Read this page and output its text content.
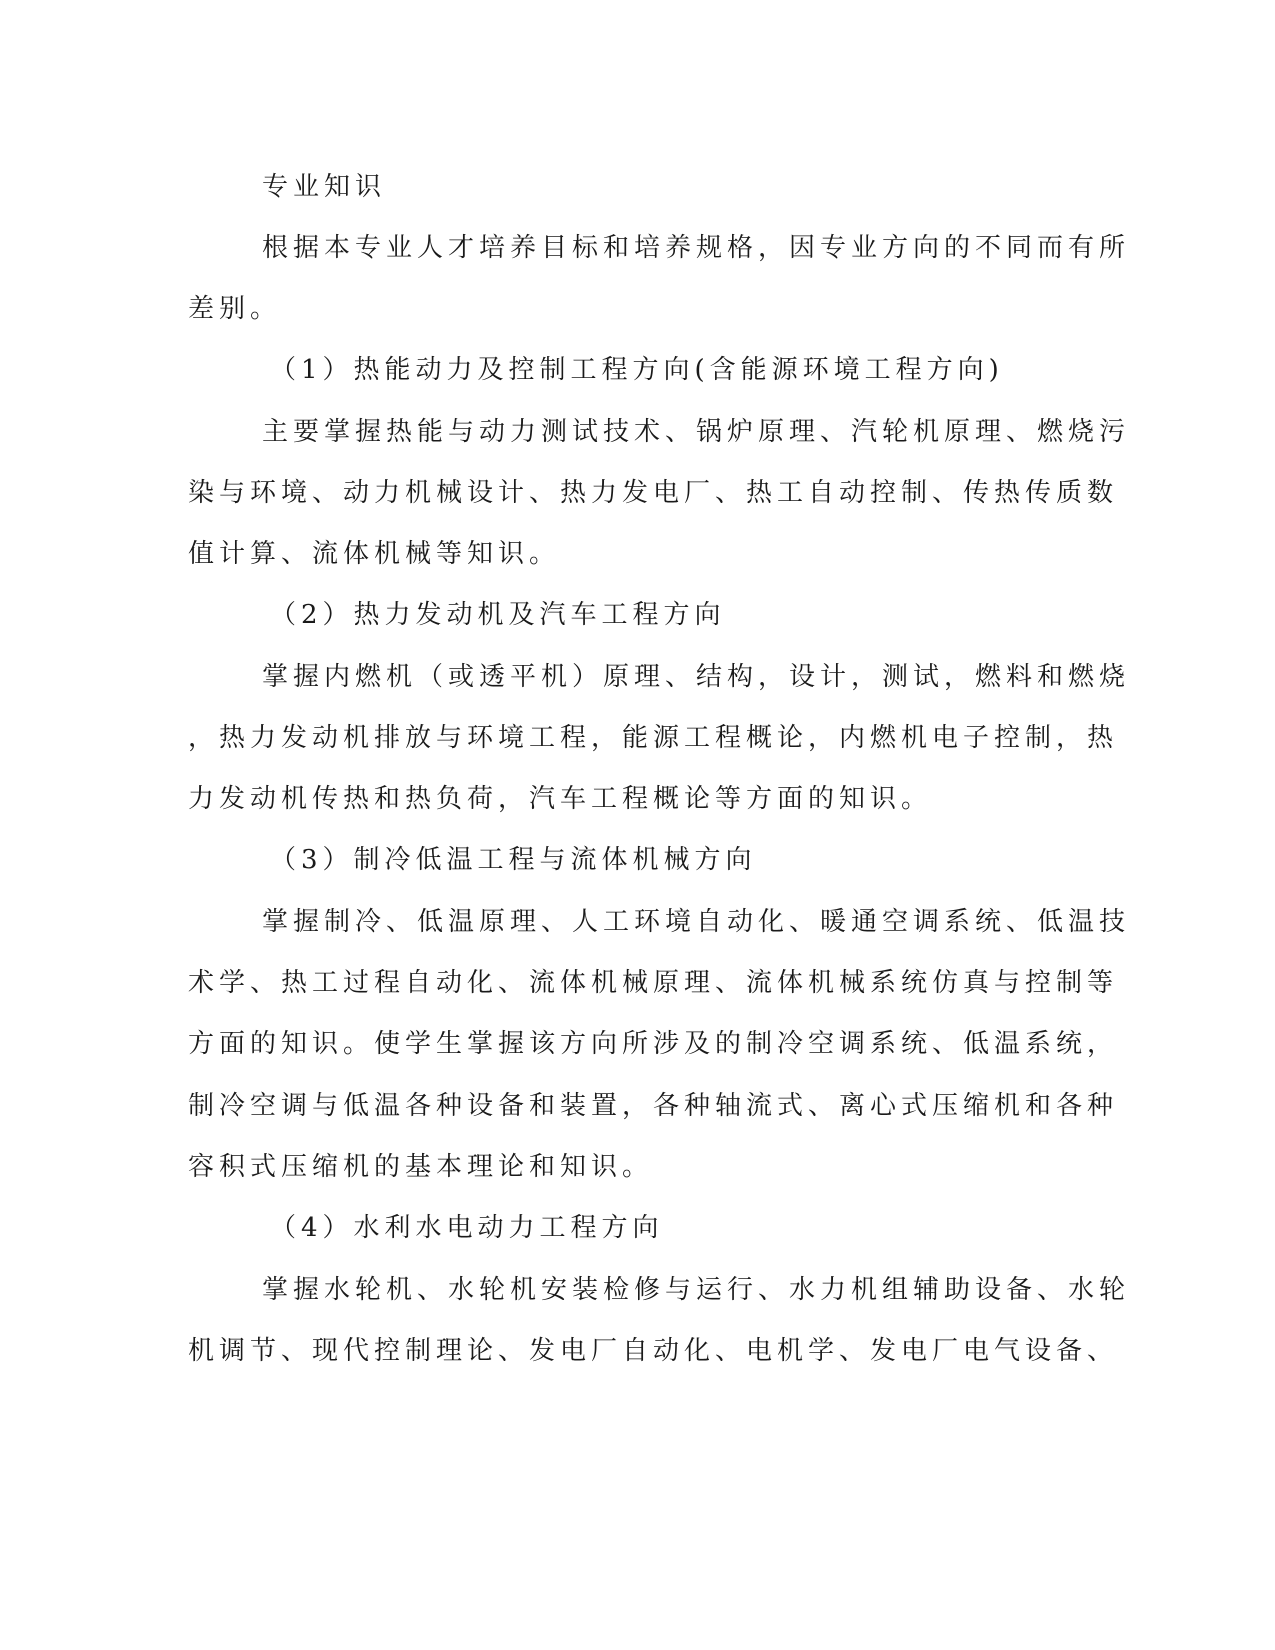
专业知识
根据本专业人才培养目标和培养规格，因专业方向的不同而有所
差别。
（1）热能动力及控制工程方向(含能源环境工程方向)
主要掌握热能与动力测试技术、锅炉原理、汽轮机原理、燃烧污
染与环境、动力机械设计、热力发电厂、热工自动控制、传热传质数
值计算、流体机械等知识。
（2）热力发动机及汽车工程方向
掌握内燃机（或透平机）原理、结构，设计，测试，燃料和燃烧
，热力发动机排放与环境工程，能源工程概论，内燃机电子控制，热
力发动机传热和热负荷，汽车工程概论等方面的知识。
（3）制冷低温工程与流体机械方向
掌握制冷、低温原理、人工环境自动化、暖通空调系统、低温技
术学、热工过程自动化、流体机械原理、流体机械系统仿真与控制等
方面的知识。使学生掌握该方向所涉及的制冷空调系统、低温系统，
制冷空调与低温各种设备和装置，各种轴流式、离心式压缩机和各种
容积式压缩机的基本理论和知识。
（4）水利水电动力工程方向
掌握水轮机、水轮机安装检修与运行、水力机组辅助设备、水轮
机调节、现代控制理论、发电厂自动化、电机学、发电厂电气设备、
